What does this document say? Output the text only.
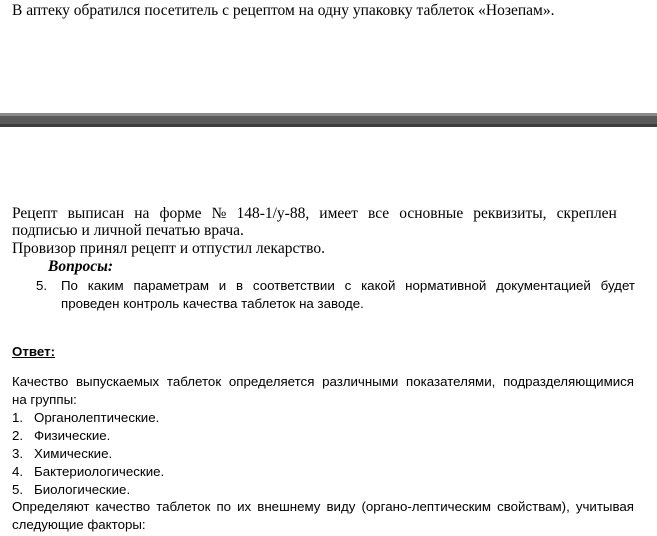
В аптеку обратился посетитель с рецептом на одну упаковку таблеток «Нозепам».
Рецепт выписан на форме № 148-1/у-88, имеет все основные реквизиты, скреплен
подписью и личной печатью врача.
Провизор принял рецепт и отпустил лекарство.
Вопросы:
5. По каким параметрам и в соответствии с какой нормативной документацией будет
проведен контроль качества таблеток на заводе.
Ответ:
Качество выпускаемых таблеток определяется различными показателями, подразделяющимися
на группы:
1. Органолептические.
2. Физические.
3. Химические.
4. Бактериологические.
5. Биологические.
Определяют качество таблеток по их внешнему виду (органо-лептическим свойствам), учитывая
следующие факторы:
